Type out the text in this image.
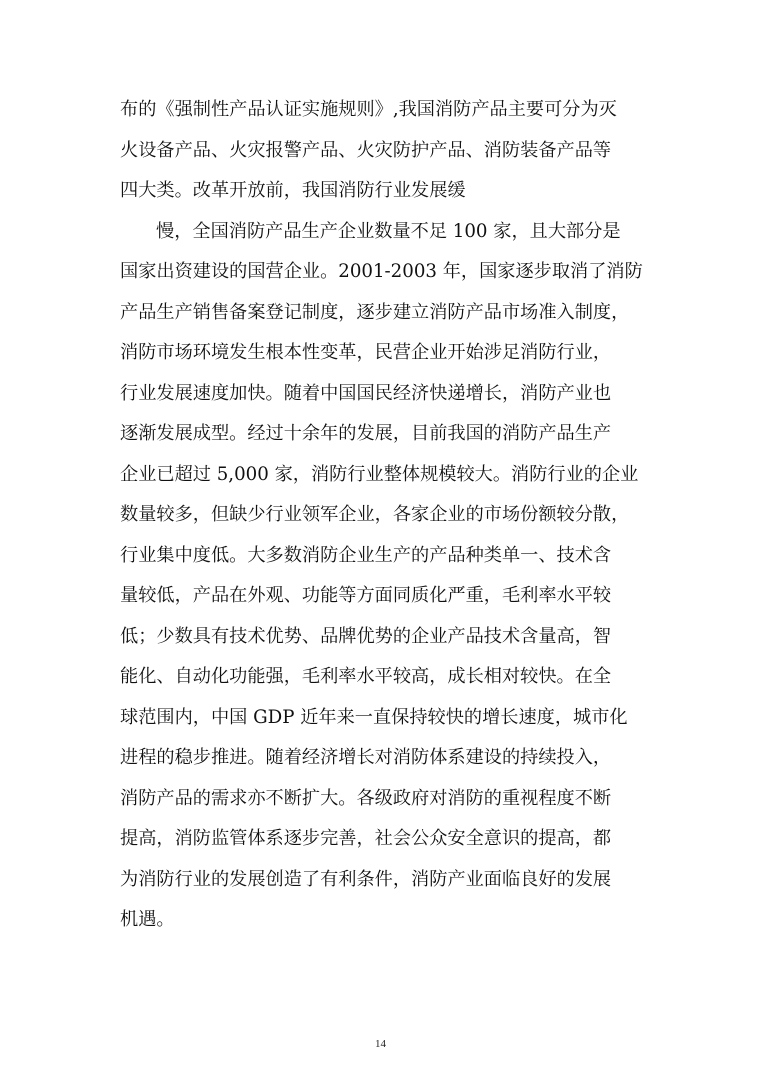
布的《强制性产品认证实施规则》,我国消防产品主要可分为灭
火设备产品、火灾报警产品、火灾防护产品、消防装备产品等
四大类。改革开放前，我国消防行业发展缓
慢，全国消防产品生产企业数量不足 100 家，且大部分是
国家出资建设的国营企业。2001-2003 年，国家逐步取消了消防
产品生产销售备案登记制度，逐步建立消防产品市场准入制度，
消防市场环境发生根本性变革，民营企业开始涉足消防行业，
行业发展速度加快。随着中国国民经济快递增长，消防产业也
逐渐发展成型。经过十余年的发展，目前我国的消防产品生产
企业已超过 5,000 家，消防行业整体规模较大。消防行业的企业
数量较多，但缺少行业领军企业，各家企业的市场份额较分散，
行业集中度低。大多数消防企业生产的产品种类单一、技术含
量较低，产品在外观、功能等方面同质化严重，毛利率水平较
低；少数具有技术优势、品牌优势的企业产品技术含量高，智
能化、自动化功能强，毛利率水平较高，成长相对较快。在全
球范围内，中国 GDP 近年来一直保持较快的增长速度，城市化
进程的稳步推进。随着经济增长对消防体系建设的持续投入，
消防产品的需求亦不断扩大。各级政府对消防的重视程度不断
提高，消防监管体系逐步完善，社会公众安全意识的提高，都
为消防行业的发展创造了有利条件，消防产业面临良好的发展
机遇。
14
